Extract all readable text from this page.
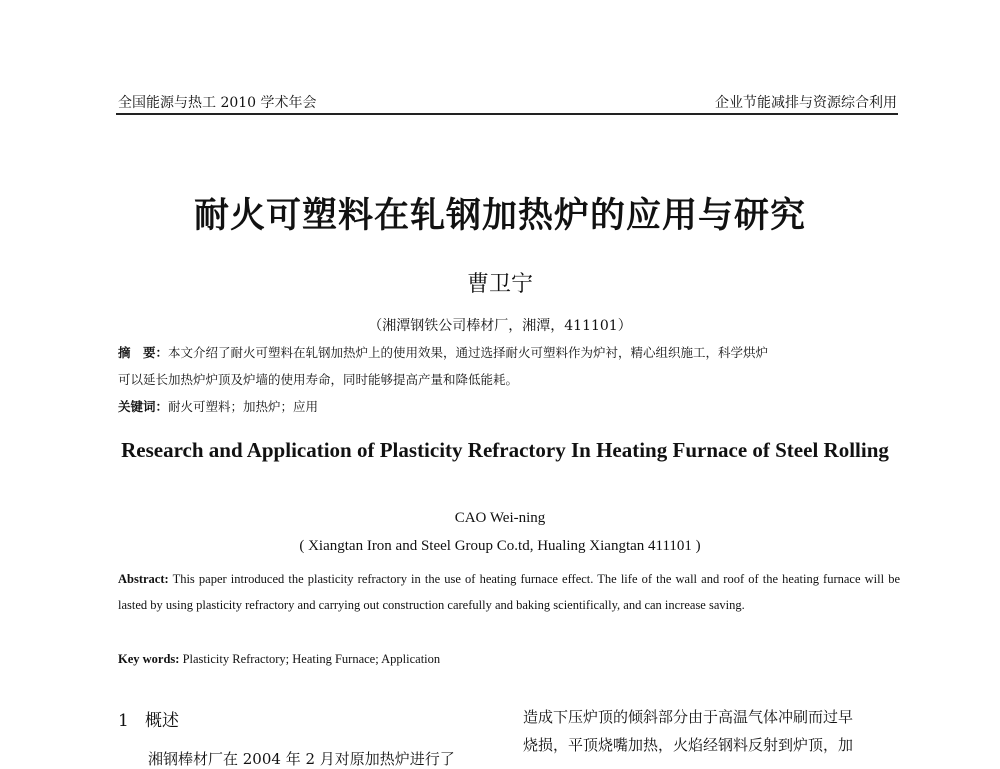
全国能源与热工 2010 学术年会	企业节能减排与资源综合利用
耐火可塑料在轧钢加热炉的应用与研究
曹卫宁
（湘潭钢铁公司棒材厂，湘潭，411101）
摘　要：本文介绍了耐火可塑料在轧钢加热炉上的使用效果，通过选择耐火可塑料作为炉衬，精心组织施工，科学烘炉
可以延长加热炉炉顶及炉墙的使用寿命，同时能够提高产量和降低能耗。
关键词：耐火可塑料；加热炉；应用
Research and Application of Plasticity Refractory In Heating Furnace of Steel Rolling
CAO Wei-ning
( Xiangtan Iron and Steel Group Co.td, Hualing Xiangtan 411101 )
Abstract: This paper introduced the plasticity refractory in the use of heating furnace effect. The life of the wall and roof of the heating furnace will be lasted by using plasticity refractory and carrying out construction carefully and baking scientifically, and can increase saving.
Key words: Plasticity Refractory; Heating Furnace; Application
1 概述
湘钢棒材厂在 2004 年 2 月对原加热炉进行了
造成下压炉顶的倾斜部分由于高温气体冲刷而过早
烧损，平顶烧嘴加热，火焰经钢料反射到炉顶，加
